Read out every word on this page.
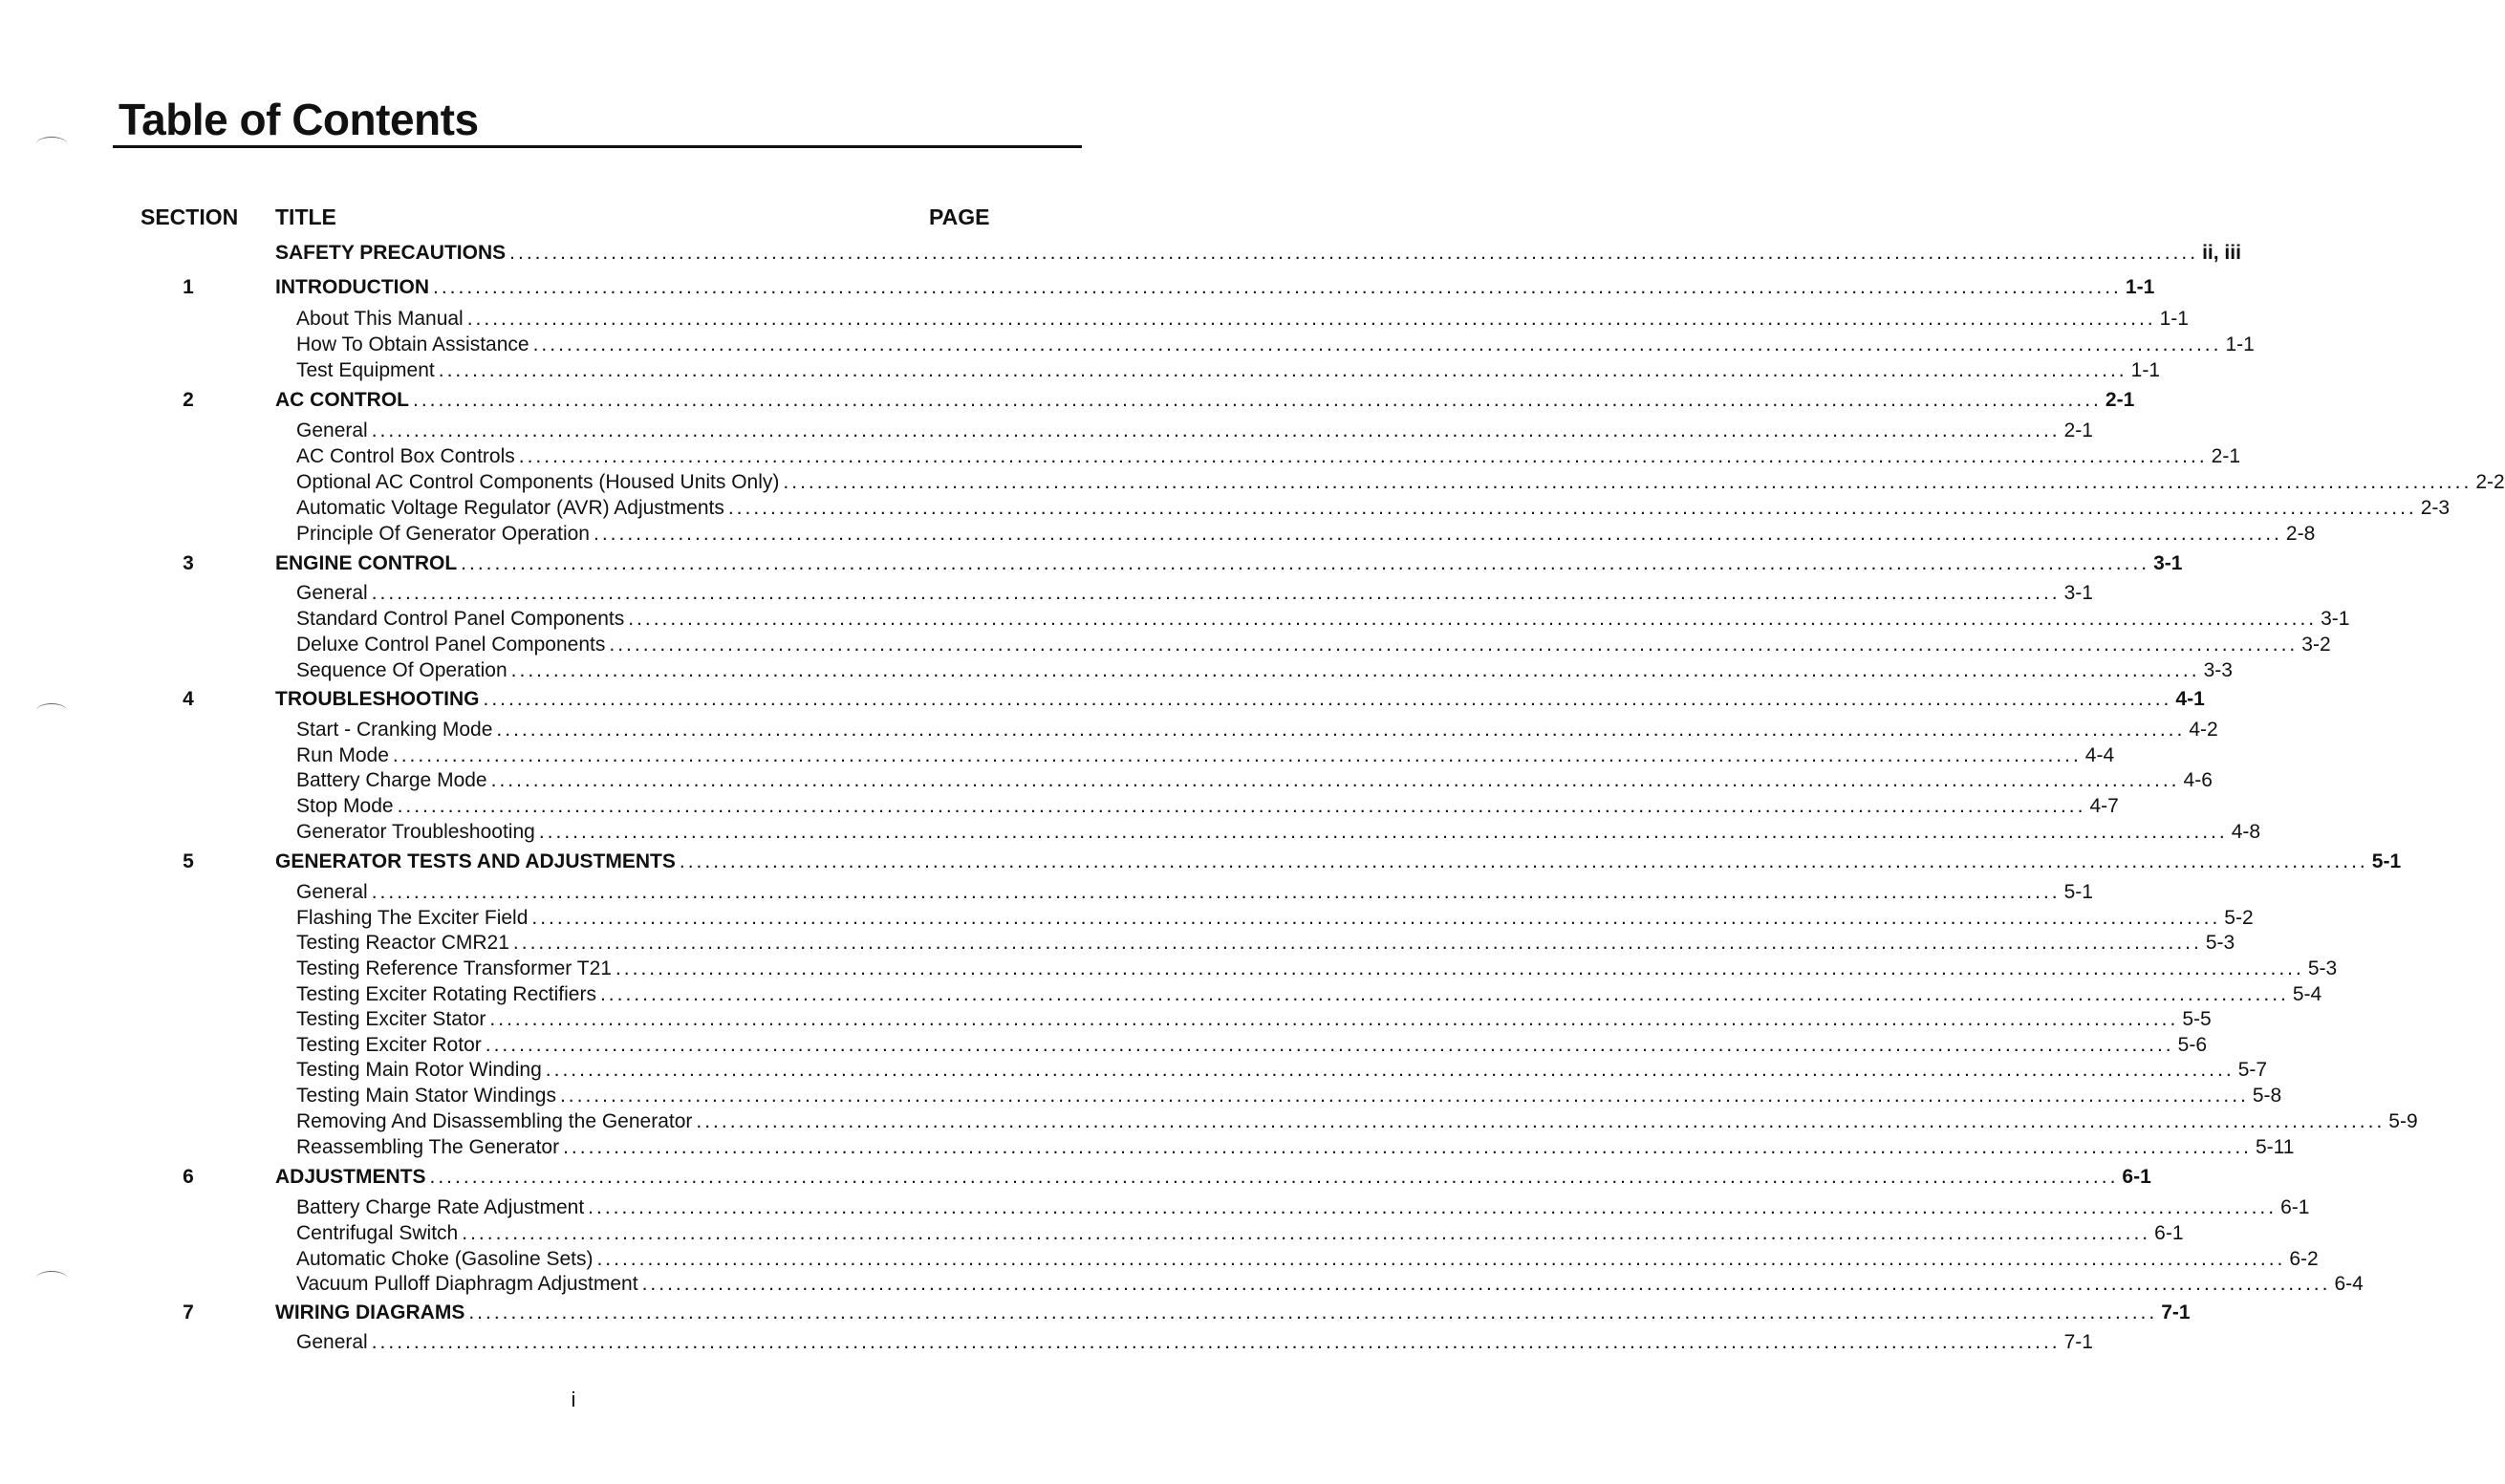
Table of Contents
SECTION TITLE	PAGE
SAFETY PRECAUTIONS ........................................................................................................................................................................................................ ii, iii
1	INTRODUCTION ........................................................................................................................................................................................................ 1-1
About This Manual ........................................................................................................................................................................................................ 1-1
How To Obtain Assistance ........................................................................................................................................................................................................ 1-1
Test Equipment ........................................................................................................................................................................................................ 1-1
2	AC CONTROL ........................................................................................................................................................................................................ 2-1
General ........................................................................................................................................................................................................ 2-1
AC Control Box Controls ........................................................................................................................................................................................................ 2-1
Optional AC Control Components (Housed Units Only) ........................................................................................................................................................................................................ 2-2
Automatic Voltage Regulator (AVR) Adjustments ........................................................................................................................................................................................................ 2-3
Principle Of Generator Operation ........................................................................................................................................................................................................ 2-8
3	ENGINE CONTROL ........................................................................................................................................................................................................ 3-1
General ........................................................................................................................................................................................................ 3-1
Standard Control Panel Components ........................................................................................................................................................................................................ 3-1
Deluxe Control Panel Components ........................................................................................................................................................................................................ 3-2
Sequence Of Operation ........................................................................................................................................................................................................ 3-3
4	TROUBLESHOOTING ........................................................................................................................................................................................................ 4-1
Start - Cranking Mode ........................................................................................................................................................................................................ 4-2
Run Mode ........................................................................................................................................................................................................ 4-4
Battery Charge Mode ........................................................................................................................................................................................................ 4-6
Stop Mode ........................................................................................................................................................................................................ 4-7
Generator Troubleshooting ........................................................................................................................................................................................................ 4-8
5	GENERATOR TESTS AND ADJUSTMENTS ........................................................................................................................................................................................................ 5-1
General ........................................................................................................................................................................................................ 5-1
Flashing The Exciter Field ........................................................................................................................................................................................................ 5-2
Testing Reactor CMR21 ........................................................................................................................................................................................................ 5-3
Testing Reference Transformer T21 ........................................................................................................................................................................................................ 5-3
Testing Exciter Rotating Rectifiers ........................................................................................................................................................................................................ 5-4
Testing Exciter Stator ........................................................................................................................................................................................................ 5-5
Testing Exciter Rotor ........................................................................................................................................................................................................ 5-6
Testing Main Rotor Winding ........................................................................................................................................................................................................ 5-7
Testing Main Stator Windings ........................................................................................................................................................................................................ 5-8
Removing And Disassembling the Generator ........................................................................................................................................................................................................ 5-9
Reassembling The Generator ........................................................................................................................................................................................................ 5-11
6	ADJUSTMENTS ........................................................................................................................................................................................................ 6-1
Battery Charge Rate Adjustment ........................................................................................................................................................................................................ 6-1
Centrifugal Switch ........................................................................................................................................................................................................ 6-1
Automatic Choke (Gasoline Sets) ........................................................................................................................................................................................................ 6-2
Vacuum Pulloff Diaphragm Adjustment ........................................................................................................................................................................................................ 6-4
7	WIRING DIAGRAMS ........................................................................................................................................................................................................ 7-1
General ........................................................................................................................................................................................................ 7-1
i
